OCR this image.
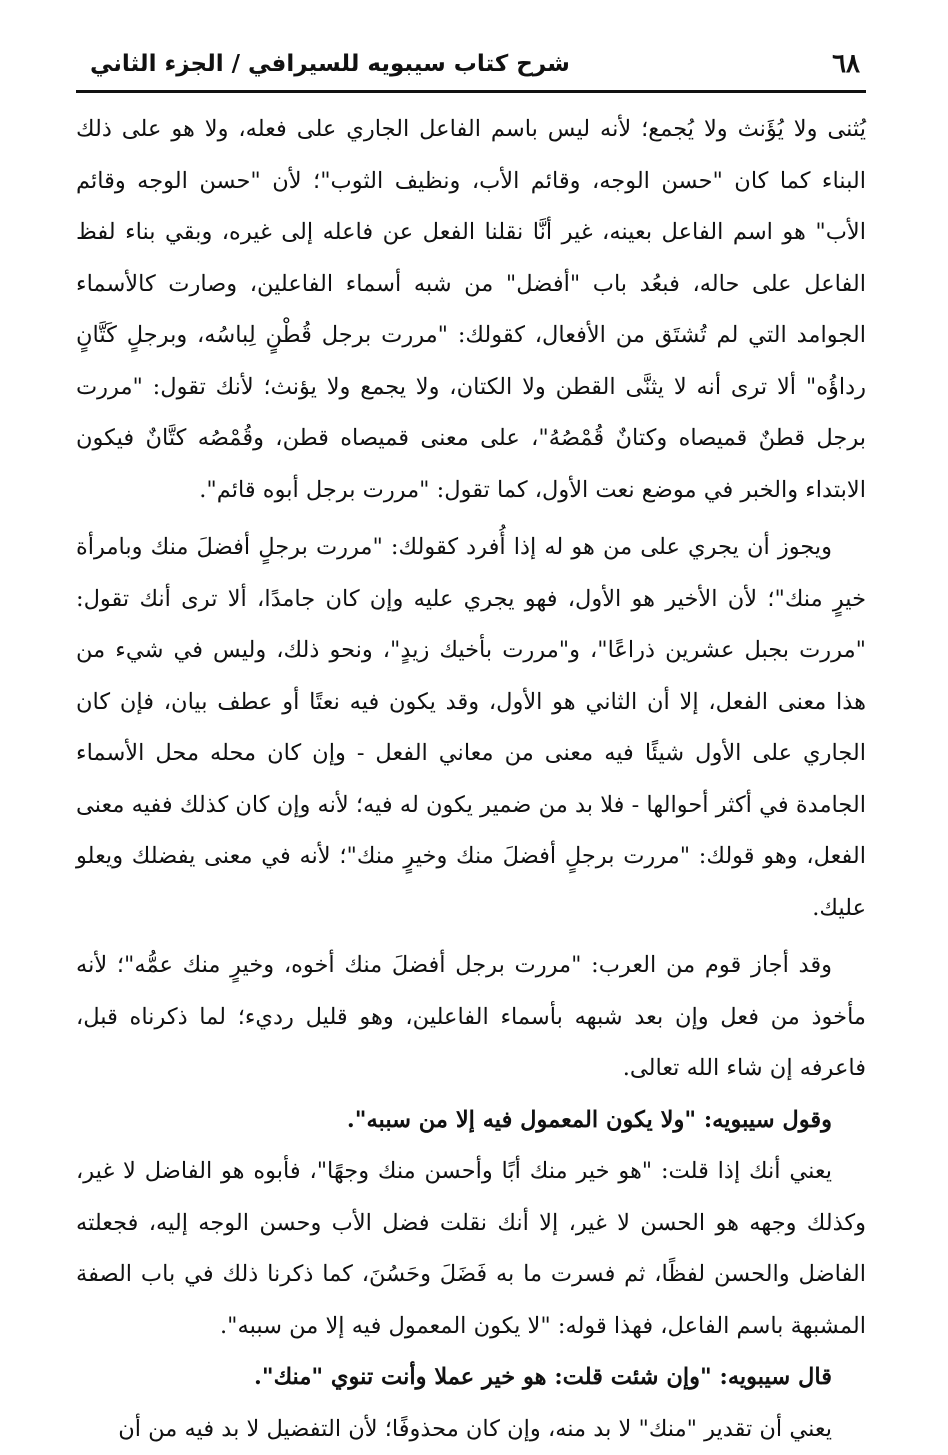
٦٨
شرح كتاب سيبويه للسيرافي / الجزء الثاني

يُثنى ولا يُؤَنث ولا يُجمع؛ لأنه ليس باسم الفاعل الجاري على فعله، ولا هو على ذلك البناء كما كان "حسن الوجه، وقائم الأب، ونظيف الثوب"؛ لأن "حسن الوجه وقائم الأب" هو اسم الفاعل بعينه، غير أنَّا نقلنا الفعل عن فاعله إلى غيره، وبقي بناء لفظ الفاعل على حاله، فبعُد باب "أفضل" من شبه أسماء الفاعلين، وصارت كالأسماء الجوامد التي لم تُشتَق من الأفعال، كقولك: "مررت برجل قُطْنٍ لِباسُه، وبرجلٍ كَتَّانٍ رداؤُه" ألا ترى أنه لا يثنَّى القطن ولا الكتان، ولا يجمع ولا يؤنث؛ لأنك تقول: "مررت برجل قطنٌ قميصاه وكتانٌ قُمْصُهُ"، على معنى قميصاه قطن، وقُمْصُه كتَّانٌ فيكون الابتداء والخبر في موضع نعت الأول، كما تقول: "مررت برجل أبوه قائم".

ويجوز أن يجري على من هو له إذا أُفرد كقولك: "مررت برجلٍ أفضلَ منك وبامرأة خيرٍ منك"؛ لأن الأخير هو الأول، فهو يجري عليه وإن كان جامدًا، ألا ترى أنك تقول: "مررت بجبل عشرين ذراعًا"، و"مررت بأخيك زيدٍ"، ونحو ذلك، وليس في شيء من هذا معنى الفعل، إلا أن الثاني هو الأول، وقد يكون فيه نعتًا أو عطف بيان، فإن كان الجاري على الأول شيئًا فيه معنى من معاني الفعل - وإن كان محله محل الأسماء الجامدة في أكثر أحوالها - فلا بد من ضمير يكون له فيه؛ لأنه وإن كان كذلك ففيه معنى الفعل، وهو قولك: "مررت برجلٍ أفضلَ منك وخيرٍ منك"؛ لأنه في معنى يفضلك ويعلو عليك.

وقد أجاز قوم من العرب: "مررت برجل أفضلَ منك أخوه، وخيرٍ منك عمُّه"؛ لأنه مأخوذ من فعل وإن بعد شبهه بأسماء الفاعلين، وهو قليل رديء؛ لما ذكرناه قبل، فاعرفه إن شاء الله تعالى.

وقول سيبويه: "ولا يكون المعمول فيه إلا من سببه".

يعني أنك إذا قلت: "هو خير منك أبًا وأحسن منك وجهًا"، فأبوه هو الفاضل لا غير، وكذلك وجهه هو الحسن لا غير، إلا أنك نقلت فضل الأب وحسن الوجه إليه، فجعلته الفاضل والحسن لفظًا، ثم فسرت ما به فَضَلَ وحَسُنَ، كما ذكرنا ذلك في باب الصفة المشبهة باسم الفاعل، فهذا قوله: "لا يكون المعمول فيه إلا من سببه".

قال سيبويه: "وإن شئت قلت: هو خير عملا وأنت تنوي "منك".

يعني أن تقدير "منك" لا بد منه، وإن كان محذوفًا؛ لأن التفضيل لا بد فيه من أن
